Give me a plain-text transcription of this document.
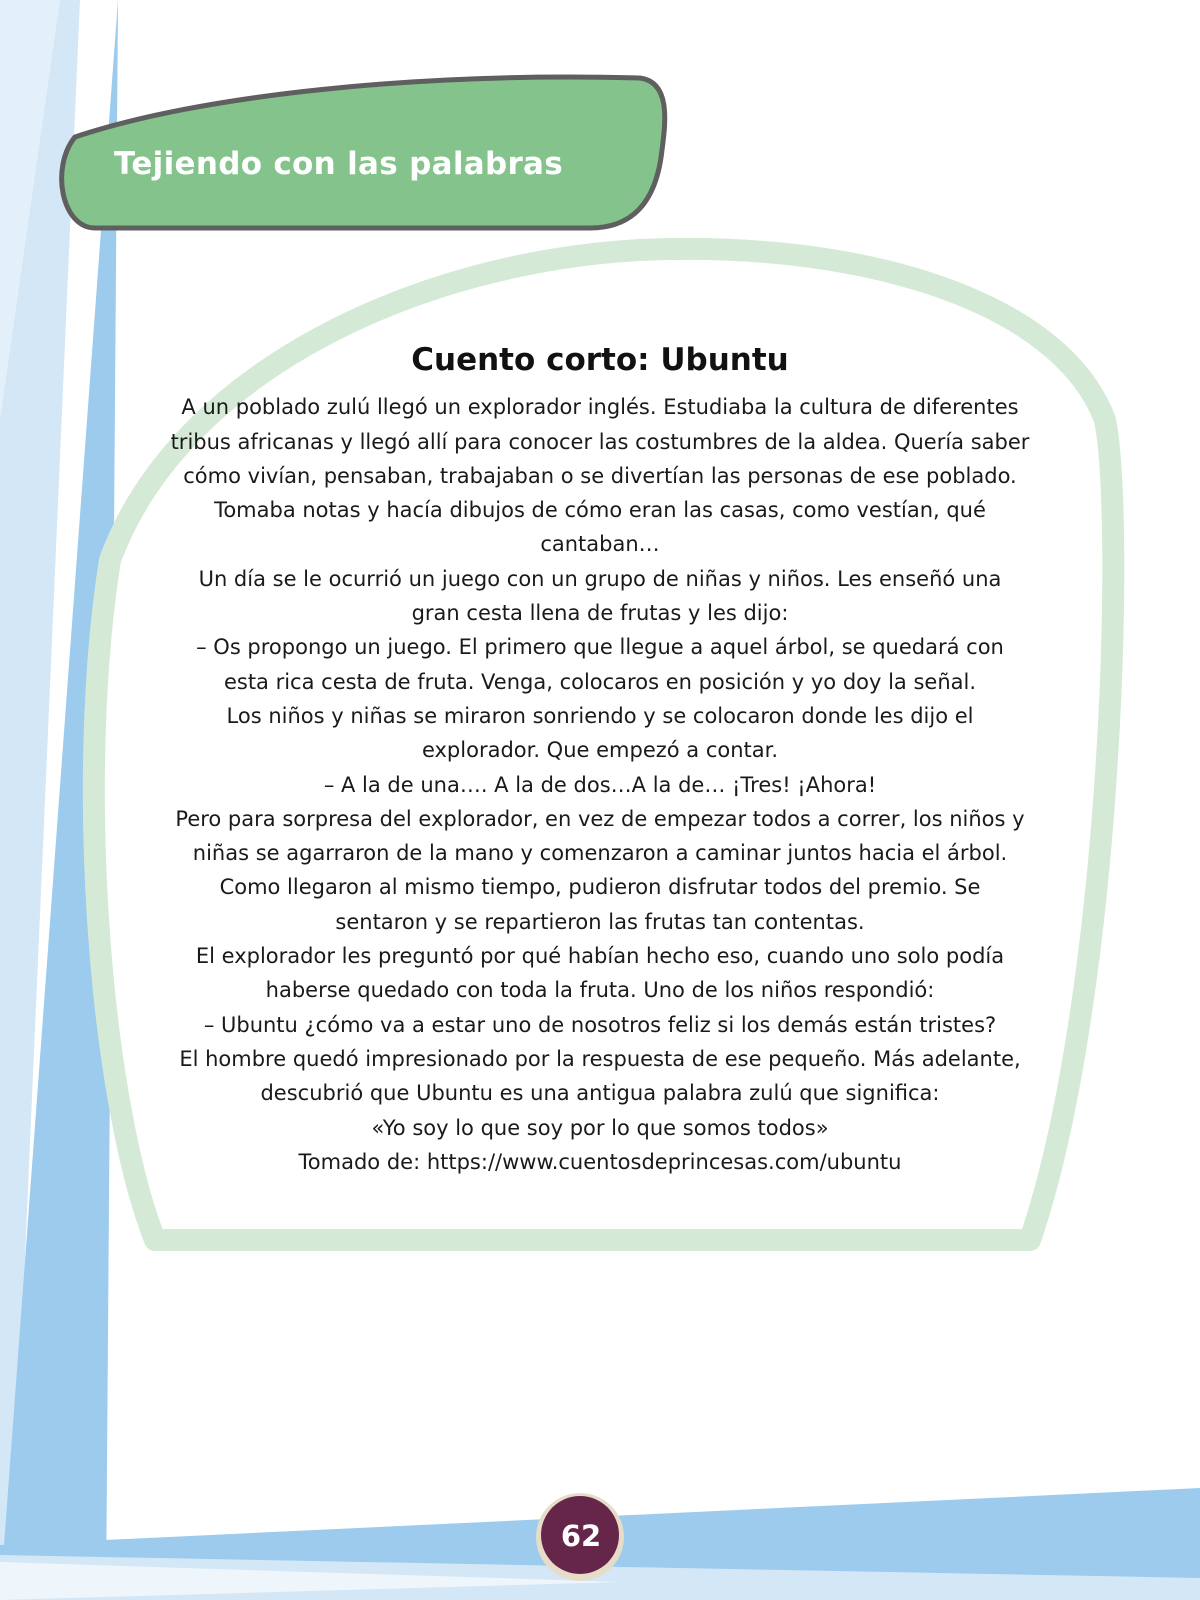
Tejiendo con las palabras
Cuento corto: Ubuntu

A un poblado zulú llegó un explorador inglés. Estudiaba la cultura de diferentes

tribus africanas y llegó allí para conocer las costumbres de la aldea. Quería saber

cómo vivían, pensaban, trabajaban o se divertían las personas de ese poblado.

Tomaba notas y hacía dibujos de cómo eran las casas, como vestían, qué

cantaban…

Un día se le ocurrió un juego con un grupo de niñas y niños. Les enseñó una

gran cesta llena de frutas y les dijo:

– Os propongo un juego. El primero que llegue a aquel árbol, se quedará con

esta rica cesta de fruta. Venga, colocaros en posición y yo doy la señal.

Los niños y niñas se miraron sonriendo y se colocaron donde les dijo el

explorador. Que empezó a contar.

– A la de una…. A la de dos…A la de… ¡Tres! ¡Ahora!

Pero para sorpresa del explorador, en vez de empezar todos a correr, los niños y

niñas se agarraron de la mano y comenzaron a caminar juntos hacia el árbol.

Como llegaron al mismo tiempo, pudieron disfrutar todos del premio. Se

sentaron y se repartieron las frutas tan contentas.

El explorador les preguntó por qué habían hecho eso, cuando uno solo podía

haberse quedado con toda la fruta. Uno de los niños respondió:

– Ubuntu ¿cómo va a estar uno de nosotros feliz si los demás están tristes?

El hombre quedó impresionado por la respuesta de ese pequeño. Más adelante,

descubrió que Ubuntu es una antigua palabra zulú que significa:

«Yo soy lo que soy por lo que somos todos»

Tomado de: https://www.cuentosdeprincesas.com/ubuntu

62
